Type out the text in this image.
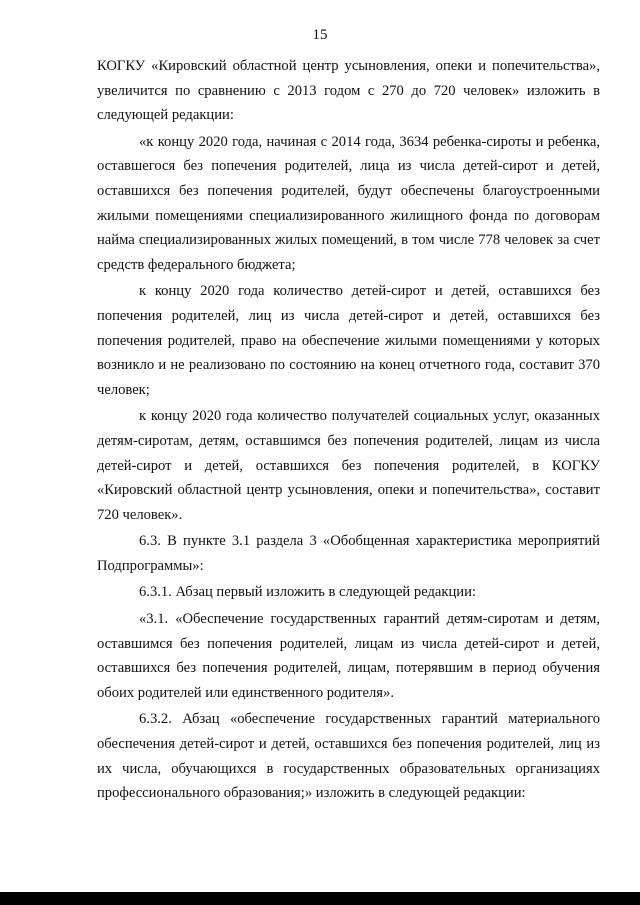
15

КОГКУ «Кировский областной центр усыновления, опеки и попечительства», увеличится по сравнению с 2013 годом с 270 до 720 человек» изложить в следующей редакции:

«к концу 2020 года, начиная с 2014 года, 3634 ребенка-сироты и ребенка, оставшегося без попечения родителей, лица из числа детей-сирот и детей, оставшихся без попечения родителей, будут обеспечены благоустроенными жилыми помещениями специализированного жилищного фонда по договорам найма специализированных жилых помещений, в том числе 778 человек за счет средств федерального бюджета;

к концу 2020 года количество детей-сирот и детей, оставшихся без попечения родителей, лиц из числа детей-сирот и детей, оставшихся без попечения родителей, право на обеспечение жилыми помещениями у которых возникло и не реализовано по состоянию на конец отчетного года, составит 370 человек;

к концу 2020 года количество получателей социальных услуг, оказанных детям-сиротам, детям, оставшимся без попечения родителей, лицам из числа детей-сирот и детей, оставшихся без попечения родителей, в КОГКУ «Кировский областной центр усыновления, опеки и попечительства», составит 720 человек».

6.3. В пункте 3.1 раздела 3 «Обобщенная характеристика мероприятий Подпрограммы»:

6.3.1. Абзац первый изложить в следующей редакции:

«3.1. «Обеспечение государственных гарантий детям-сиротам и детям, оставшимся без попечения родителей, лицам из числа детей-сирот и детей, оставшихся без попечения родителей, лицам, потерявшим в период обучения обоих родителей или единственного родителя».

6.3.2. Абзац «обеспечение государственных гарантий материального обеспечения детей-сирот и детей, оставшихся без попечения родителей, лиц из их числа, обучающихся в государственных образовательных организациях профессионального образования;» изложить в следующей редакции:
